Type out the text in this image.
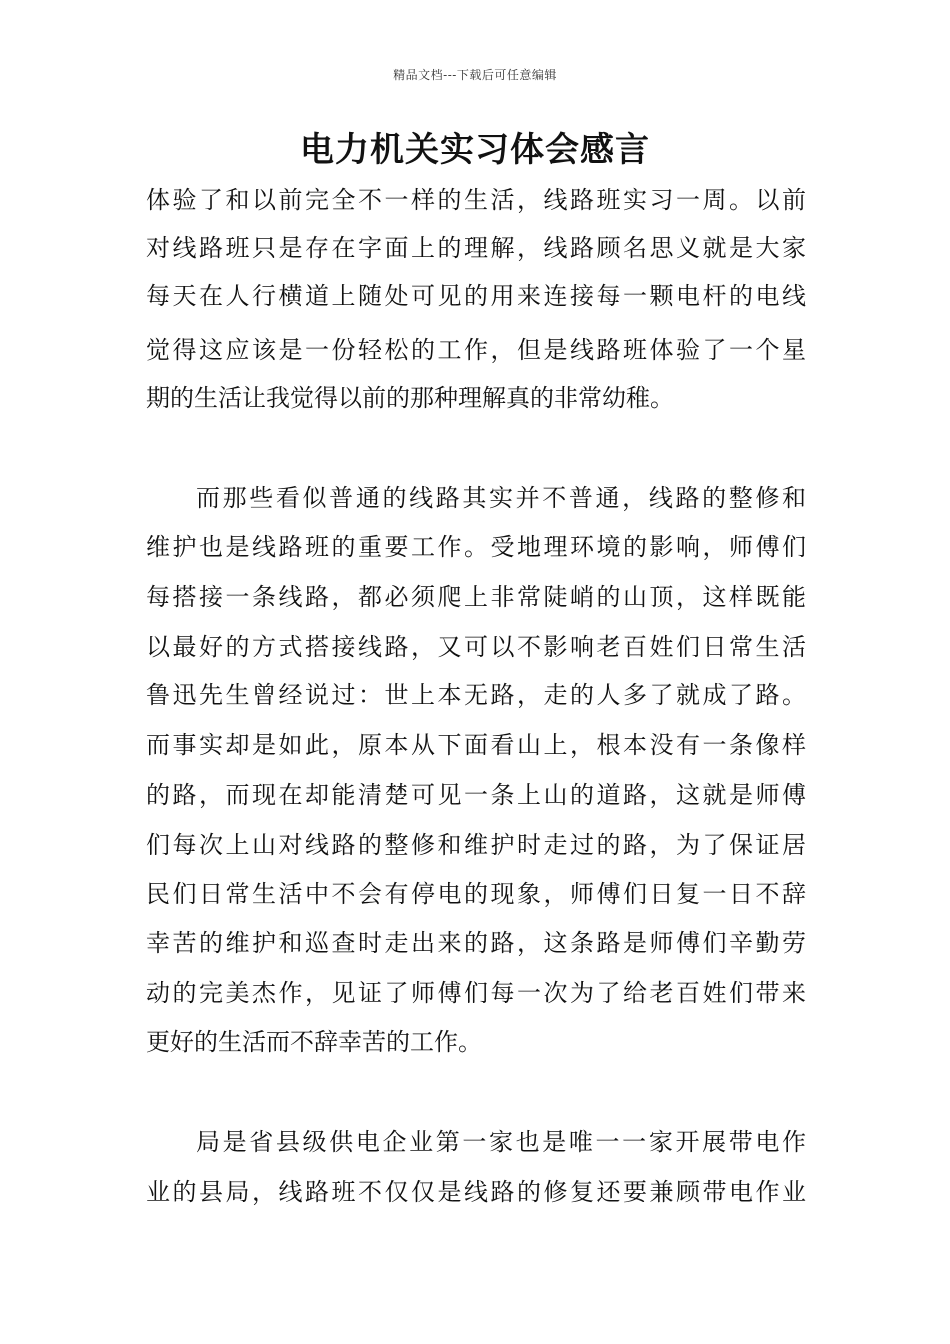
精品文档---下载后可任意编辑
电力机关实习体会感言
体验了和以前完全不一样的生活，线路班实习一周。以前
对线路班只是存在字面上的理解，线路顾名思义就是大家
每天在人行横道上随处可见的用来连接每一颗电杆的电线
觉得这应该是一份轻松的工作，但是线路班体验了一个星
期的生活让我觉得以前的那种理解真的非常幼稚。
而那些看似普通的线路其实并不普通，线路的整修和
维护也是线路班的重要工作。受地理环境的影响，师傅们
每搭接一条线路，都必须爬上非常陡峭的山顶，这样既能
以最好的方式搭接线路，又可以不影响老百姓们日常生活
鲁迅先生曾经说过：世上本无路，走的人多了就成了路。
而事实却是如此，原本从下面看山上，根本没有一条像样
的路，而现在却能清楚可见一条上山的道路，这就是师傅
们每次上山对线路的整修和维护时走过的路，为了保证居
民们日常生活中不会有停电的现象，师傅们日复一日不辞
幸苦的维护和巡查时走出来的路，这条路是师傅们辛勤劳
动的完美杰作，见证了师傅们每一次为了给老百姓们带来
更好的生活而不辞幸苦的工作。
局是省县级供电企业第一家也是唯一一家开展带电作
业的县局，线路班不仅仅是线路的修复还要兼顾带电作业
